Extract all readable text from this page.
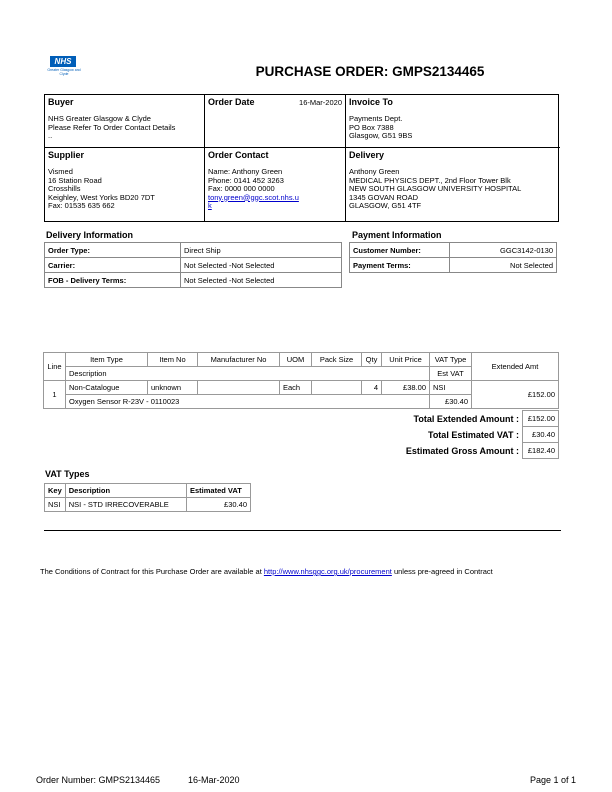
NHS
Greater Glasgow and Clyde	PURCHASE ORDER: GMPS2134465
Buyer
NHS Greater Glasgow & Clyde
Please Refer To Order Contact Details
..
Order Date	16-Mar-2020 Invoice To
Payments Dept.
PO Box 7388
Glasgow, G51 9BS
Supplier
Vismed
16 Station Road
Crosshills
Keighley, West Yorks BD20 7DT
Fax: 01535 635 662
Order Contact
Name: Anthony Green
Phone: 0141 452 3263
Fax: 0000 000 0000
tony.green@ggc.scot.nhs.u
k
Delivery
Anthony Green
MEDICAL PHYSICS DEPT., 2nd Floor Tower Blk
NEW SOUTH GLASGOW UNIVERSITY HOSPITAL
1345 GOVAN ROAD
GLASGOW, G51 4TF
Delivery Information
Order Type:	Direct Ship
Carrier:	Not Selected -Not Selected
FOB - Delivery Terms:	Not Selected -Not Selected
Payment Information
Customer Number:	GGC3142-0130
Payment Terms:	Not Selected
Line	Item Type	Item No	Manufacturer No	UOM	Pack Size	Qty	Unit Price	VAT Type	Extended Amt
	Description							Est VAT	
1	Non-Catalogue	unknown		Each		4	£38.00	NSI	£152.00
	Oxygen Sensor R-23V - 0110023							£30.40	
Total Extended Amount :	£152.00
Total Estimated VAT :	£30.40
Estimated Gross Amount :	£182.40
VAT Types
Key	Description	Estimated VAT
NSI	NSI - STD IRRECOVERABLE	£30.40
The Conditions of Contract for this Purchase Order are available at http://www.nhsggc.org.uk/procurement unless pre-agreed in Contract
Order Number: GMPS2134465	16-Mar-2020	Page 1 of 1
